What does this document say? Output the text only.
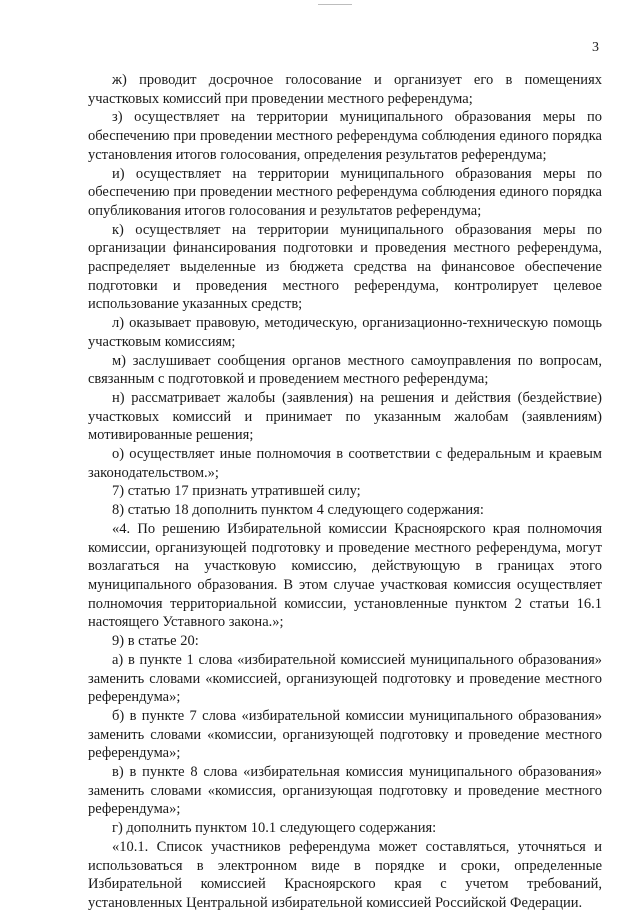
3

ж) проводит досрочное голосование и организует его в помещениях участковых комиссий при проведении местного референдума;

з) осуществляет на территории муниципального образования меры по обеспечению при проведении местного референдума соблюдения единого порядка установления итогов голосования, определения результатов референдума;

и) осуществляет на территории муниципального образования меры по обеспечению при проведении местного референдума соблюдения единого порядка опубликования итогов голосования и результатов референдума;

к) осуществляет на территории муниципального образования меры по организации финансирования подготовки и проведения местного референдума, распределяет выделенные из бюджета средства на финансовое обеспечение подготовки и проведения местного референдума, контролирует целевое использование указанных средств;

л) оказывает правовую, методическую, организационно-техническую помощь участковым комиссиям;

м) заслушивает сообщения органов местного самоуправления по вопросам, связанным с подготовкой и проведением местного референдума;

н) рассматривает жалобы (заявления) на решения и действия (бездействие) участковых комиссий и принимает по указанным жалобам (заявлениям) мотивированные решения;

о) осуществляет иные полномочия в соответствии с федеральным и краевым законодательством.»;

7) статью 17 признать утратившей силу;

8) статью 18 дополнить пунктом 4 следующего содержания:

«4. По решению Избирательной комиссии Красноярского края полномочия комиссии, организующей подготовку и проведение местного референдума, могут возлагаться на участковую комиссию, действующую в границах этого муниципального образования. В этом случае участковая комиссия осуществляет полномочия территориальной комиссии, установленные пунктом 2 статьи 16.1 настоящего Уставного закона.»;

9) в статье 20:

а) в пункте 1 слова «избирательной комиссией муниципального образования» заменить словами «комиссией, организующей подготовку и проведение местного референдума»;

б) в пункте 7 слова «избирательной комиссии муниципального образования» заменить словами «комиссии, организующей подготовку и проведение местного референдума»;

в) в пункте 8 слова «избирательная комиссия муниципального образования» заменить словами «комиссия, организующая подготовку и проведение местного референдума»;

г) дополнить пунктом 10.1 следующего содержания:

«10.1. Список участников референдума может составляться, уточняться и использоваться в электронном виде в порядке и сроки, определенные Избирательной комиссией Красноярского края с учетом требований, установленных Центральной избирательной комиссией Российской Федерации.
